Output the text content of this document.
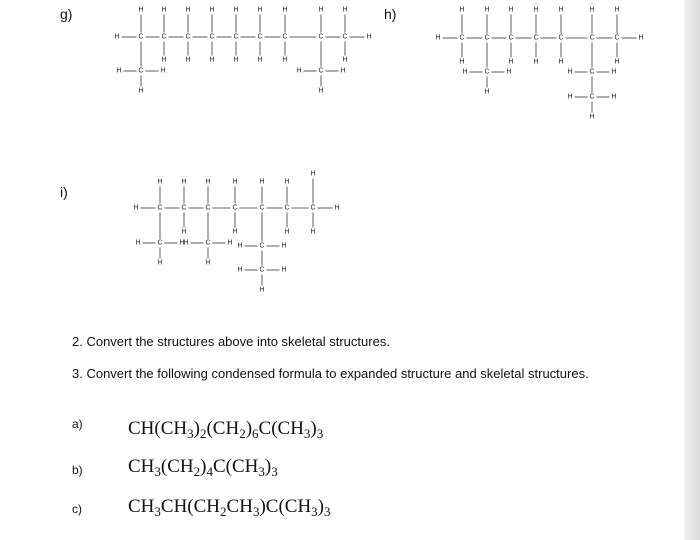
g)	h)
i)
C	C	C	C	C	C	C	C	C
H	H
H	H	H	H	H	H	H	H	H
H	H	H	H	H	H	H
C
H	H
H
C
H	H
H
C	C	C	C	C	C	C
H	H
H	H	H	H	H	H	H
H	H	H	H	H
C
H	H
H
C
H	H
C
H	H
H
C	C	C	C	C	C	C
H	H
H	H	H	H	H	H
H
H	H	H	H
C
H	H
H
C
H	H
H
C
H	H
C
H	H
H
2. Convert the structures above into skeletal structures.
3. Convert the following condensed formula to expanded structure and skeletal structures.
a) $CH(CH_3)_2(CH_2)_6C(CH_3)_3$
b) $CH_3(CH_2)_4C(CH_3)_3$
c) $CH_3CH(CH_2CH_3)C(CH_3)_3$
